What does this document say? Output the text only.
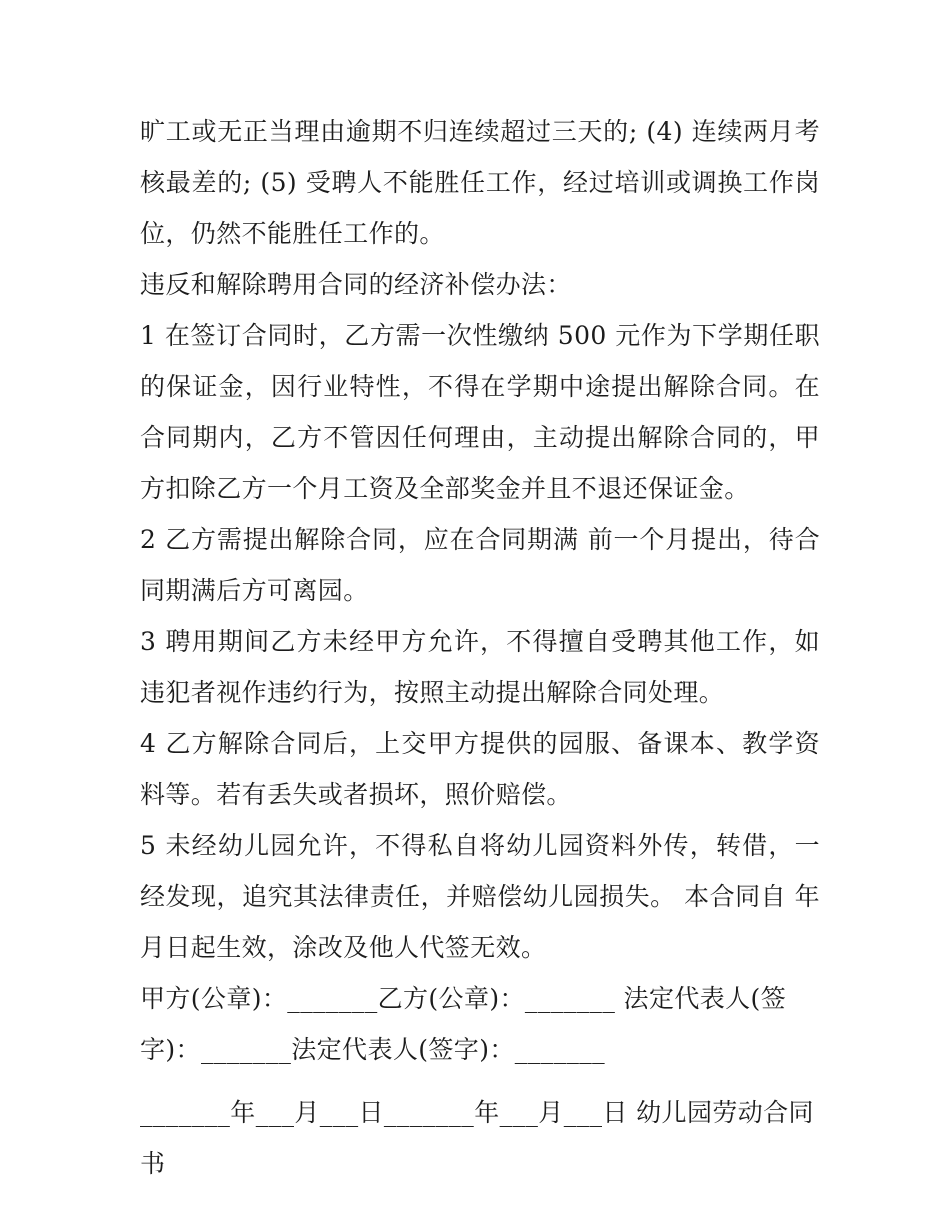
旷工或无正当理由逾期不归连续超过三天的; (4) 连续两月考核最差的; (5) 受聘人不能胜任工作，经过培训或调换工作岗位，仍然不能胜任工作的。

违反和解除聘用合同的经济补偿办法：

1 在签订合同时，乙方需一次性缴纳 500 元作为下学期任职的保证金，因行业特性，不得在学期中途提出解除合同。在合同期内，乙方不管因任何理由，主动提出解除合同的，甲方扣除乙方一个月工资及全部奖金并且不退还保证金。

2 乙方需提出解除合同，应在合同期满 前一个月提出，待合同期满后方可离园。

3 聘用期间乙方未经甲方允许，不得擅自受聘其他工作，如违犯者视作违约行为，按照主动提出解除合同处理。

4 乙方解除合同后，上交甲方提供的园服、备课本、教学资料等。若有丢失或者损坏，照价赔偿。

5 未经幼儿园允许，不得私自将幼儿园资料外传，转借，一经发现，追究其法律责任，并赔偿幼儿园损失。 本合同自 年 月日起生效，涂改及他人代签无效。

甲方(公章)：_______乙方(公章)：_______ 法定代表人(签字)：_______法定代表人(签字)：_______

_______年___月___日_______年___月___日 幼儿园劳动合同书
